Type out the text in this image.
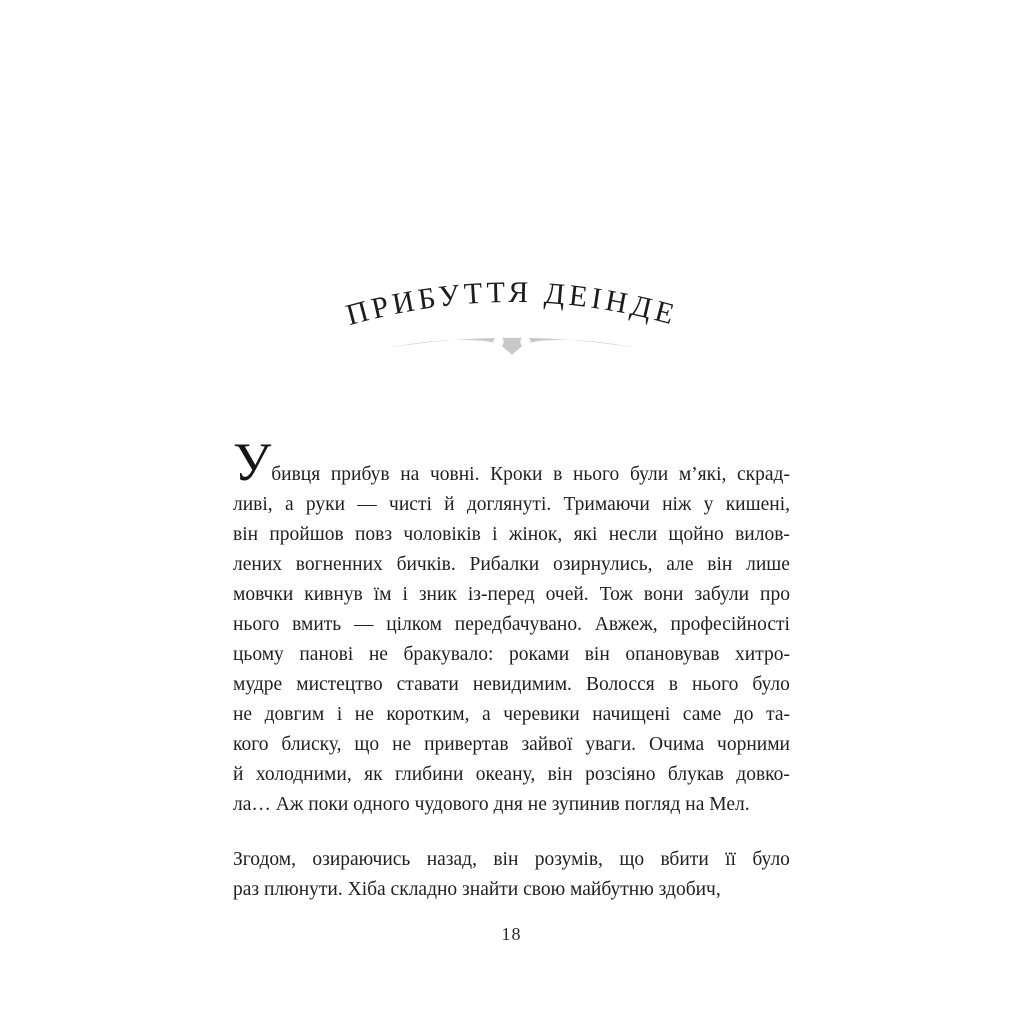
ПРИБУТТЯ ДЕІНДЕ
Убивця прибув на човні. Кроки в нього були м’які, скрад-
ливі, а руки — чисті й доглянуті. Тримаючи ніж у кишені,
він пройшов повз чоловіків і жінок, які несли щойно вилов-
лених вогненних бичків. Рибалки озирнулись, але він лише
мовчки кивнув їм і зник із-перед очей. Тож вони забули про
нього вмить — цілком передбачувано. Авжеж, професійності
цьому панові не бракувало: роками він опановував хитро-
мудре мистецтво ставати невидимим. Волосся в нього було
не довгим і не коротким, а черевики начищені саме до та-
кого блиску, що не привертав зайвої уваги. Очима чорними
й холодними, як глибини океану, він розсіяно блукав довко-
ла… Аж поки одного чудового дня не зупинив погляд на Мел.
Згодом, озираючись назад, він розумів, що вбити її було
раз плюнути. Хіба складно знайти свою майбутню здобич,
18
